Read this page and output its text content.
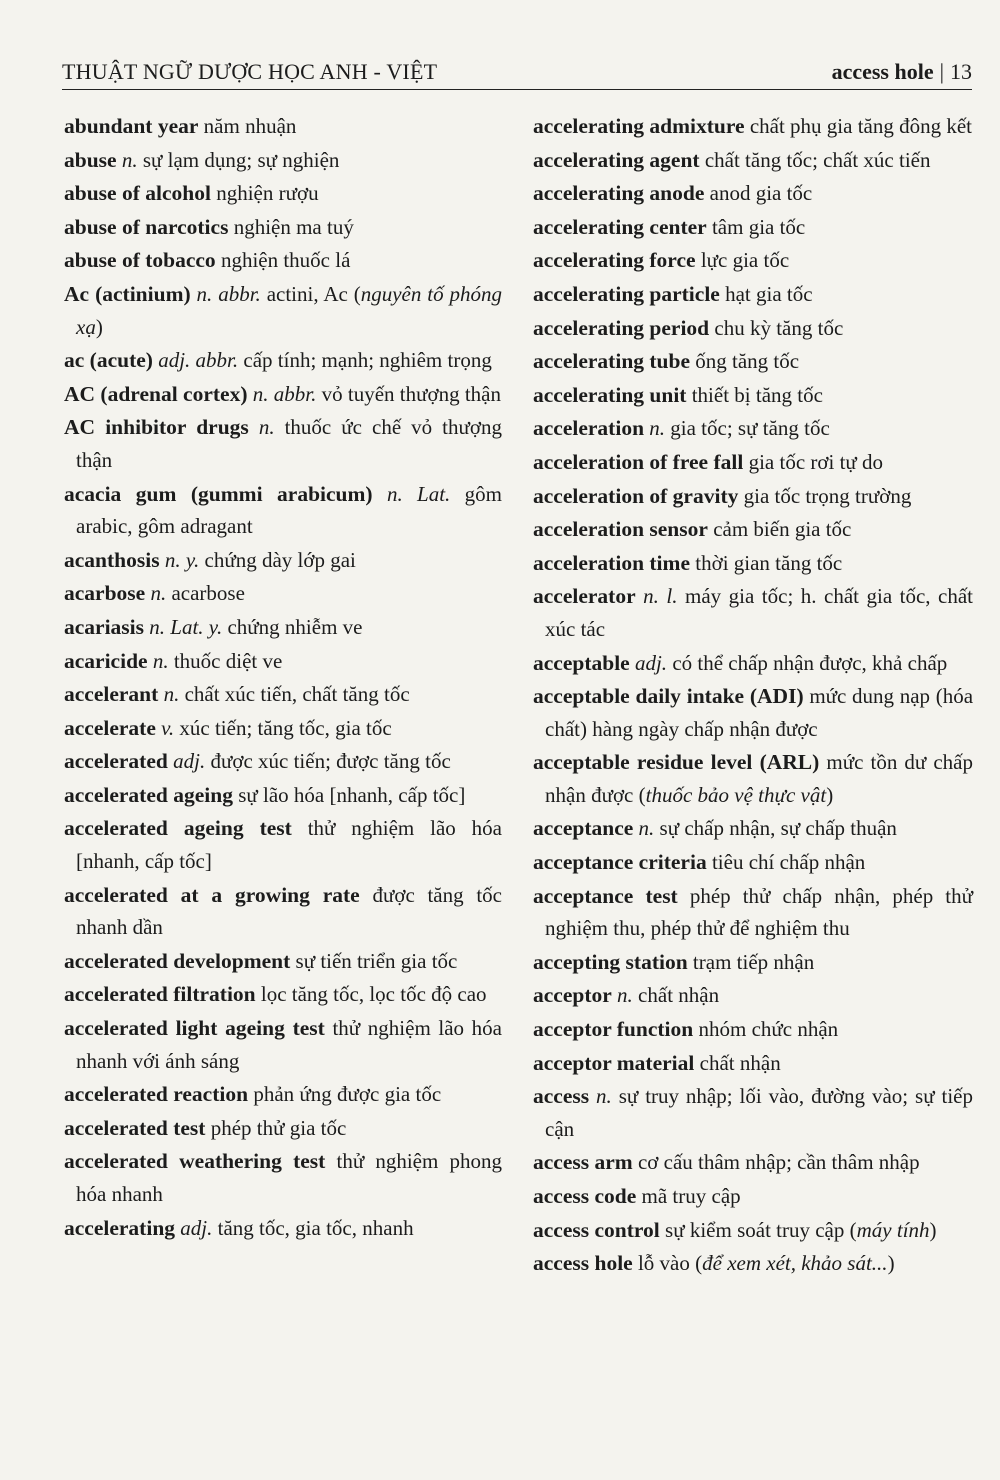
THUẬT NGỮ DƯỢC HỌC ANH - VIỆT	access hole | 13

abundant year năm nhuận

abuse n. sự lạm dụng; sự nghiện

abuse of alcohol nghiện rượu

abuse of narcotics nghiện ma tuý

abuse of tobacco nghiện thuốc lá

Ac (actinium) n. abbr. actini, Ac (nguyên tố phóng xạ)

ac (acute) adj. abbr. cấp tính; mạnh; nghiêm trọng

AC (adrenal cortex) n. abbr. vỏ tuyến thượng thận

AC inhibitor drugs n. thuốc ức chế vỏ thượng thận

acacia gum (gummi arabicum) n. Lat. gôm arabic, gôm adragant

acanthosis n. y. chứng dày lớp gai

acarbose n. acarbose

acariasis n. Lat. y. chứng nhiễm ve

acaricide n. thuốc diệt ve

accelerant n. chất xúc tiến, chất tăng tốc

accelerate v. xúc tiến; tăng tốc, gia tốc

accelerated adj. được xúc tiến; được tăng tốc

accelerated ageing sự lão hóa [nhanh, cấp tốc]

accelerated ageing test thử nghiệm lão hóa [nhanh, cấp tốc]

accelerated at a growing rate được tăng tốc nhanh dần

accelerated development sự tiến triển gia tốc

accelerated filtration lọc tăng tốc, lọc tốc độ cao

accelerated light ageing test thử nghiệm lão hóa nhanh với ánh sáng

accelerated reaction phản ứng được gia tốc

accelerated test phép thử gia tốc

accelerated weathering test thử nghiệm phong hóa nhanh

accelerating adj. tăng tốc, gia tốc, nhanh

accelerating admixture chất phụ gia tăng đông kết

accelerating agent chất tăng tốc; chất xúc tiến

accelerating anode anod gia tốc

accelerating center tâm gia tốc

accelerating force lực gia tốc

accelerating particle hạt gia tốc

accelerating period chu kỳ tăng tốc

accelerating tube ống tăng tốc

accelerating unit thiết bị tăng tốc

acceleration n. gia tốc; sự tăng tốc

acceleration of free fall gia tốc rơi tự do

acceleration of gravity gia tốc trọng trường

acceleration sensor cảm biến gia tốc

acceleration time thời gian tăng tốc

accelerator n. l. máy gia tốc; h. chất gia tốc, chất xúc tác

acceptable adj. có thể chấp nhận được, khả chấp

acceptable daily intake (ADI) mức dung nạp (hóa chất) hàng ngày chấp nhận được

acceptable residue level (ARL) mức tồn dư chấp nhận được (thuốc bảo vệ thực vật)

acceptance n. sự chấp nhận, sự chấp thuận

acceptance criteria tiêu chí chấp nhận

acceptance test phép thử chấp nhận, phép thử nghiệm thu, phép thử để nghiệm thu

accepting station trạm tiếp nhận

acceptor n. chất nhận

acceptor function nhóm chức nhận

acceptor material chất nhận

access n. sự truy nhập; lối vào, đường vào; sự tiếp cận

access arm cơ cấu thâm nhập; cần thâm nhập

access code mã truy cập

access control sự kiểm soát truy cập (máy tính)

access hole lỗ vào (để xem xét, khảo sát...)
